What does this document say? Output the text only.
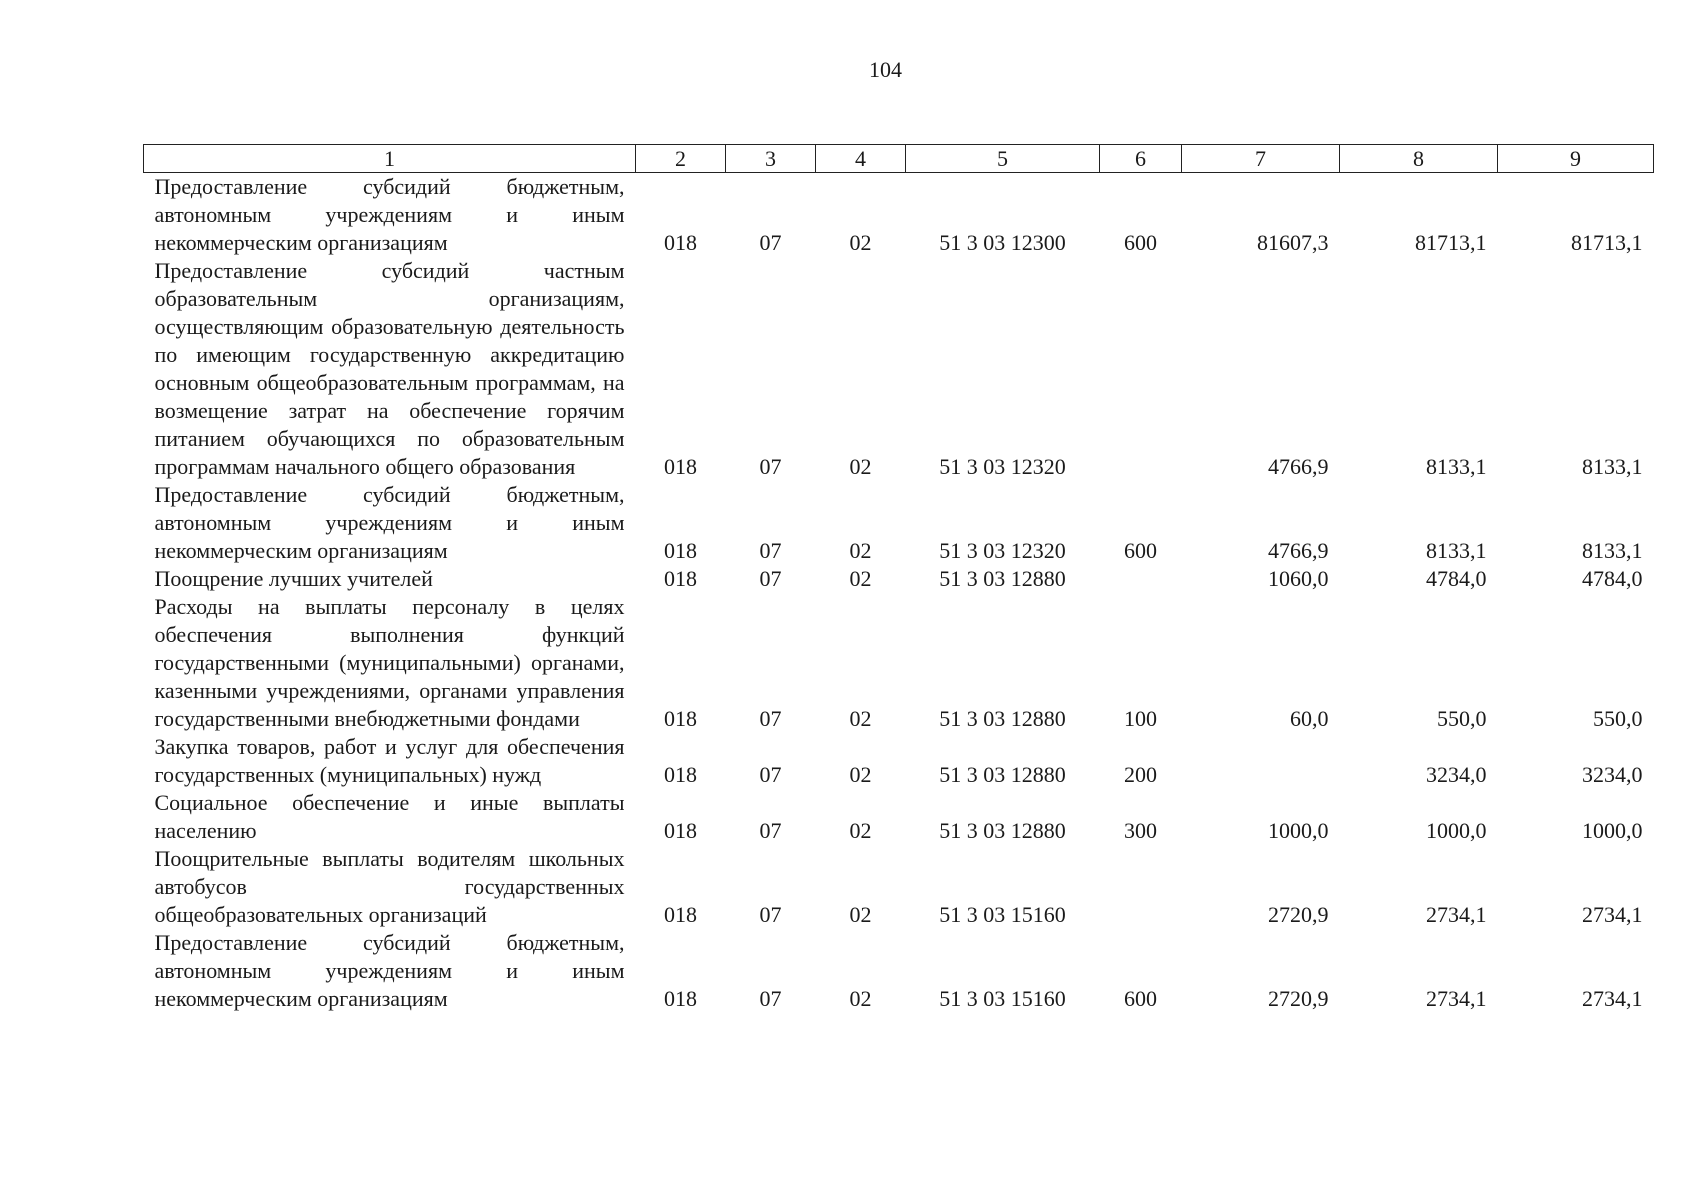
104
1	2	3	4	5	6	7	8	9
Предоставление субсидий бюджетным, автономным учреждениям и иным некоммерческим организациям	018	07	02	51 3 03 12300	600	81607,3	81713,1	81713,1
Предоставление субсидий частным образовательным организациям, осуществляющим образовательную деятельность по имеющим государственную аккредитацию основным общеобразовательным программам, на возмещение затрат на обеспечение горячим питанием обучающихся по образовательным программам начального общего образования	018	07	02	51 3 03 12320		4766,9	8133,1	8133,1
Предоставление субсидий бюджетным, автономным учреждениям и иным некоммерческим организациям	018	07	02	51 3 03 12320	600	4766,9	8133,1	8133,1
Поощрение лучших учителей	018	07	02	51 3 03 12880		1060,0	4784,0	4784,0
Расходы на выплаты персоналу в целях обеспечения выполнения функций государственными (муниципальными) органами, казенными учреждениями, органами управления государственными внебюджетными фондами	018	07	02	51 3 03 12880	100	60,0	550,0	550,0
Закупка товаров, работ и услуг для обеспечения государственных (муниципальных) нужд	018	07	02	51 3 03 12880	200		3234,0	3234,0
Социальное обеспечение и иные выплаты населению	018	07	02	51 3 03 12880	300	1000,0	1000,0	1000,0
Поощрительные выплаты водителям школьных автобусов государственных общеобразовательных организаций	018	07	02	51 3 03 15160		2720,9	2734,1	2734,1
Предоставление субсидий бюджетным, автономным учреждениям и иным некоммерческим организациям	018	07	02	51 3 03 15160	600	2720,9	2734,1	2734,1
